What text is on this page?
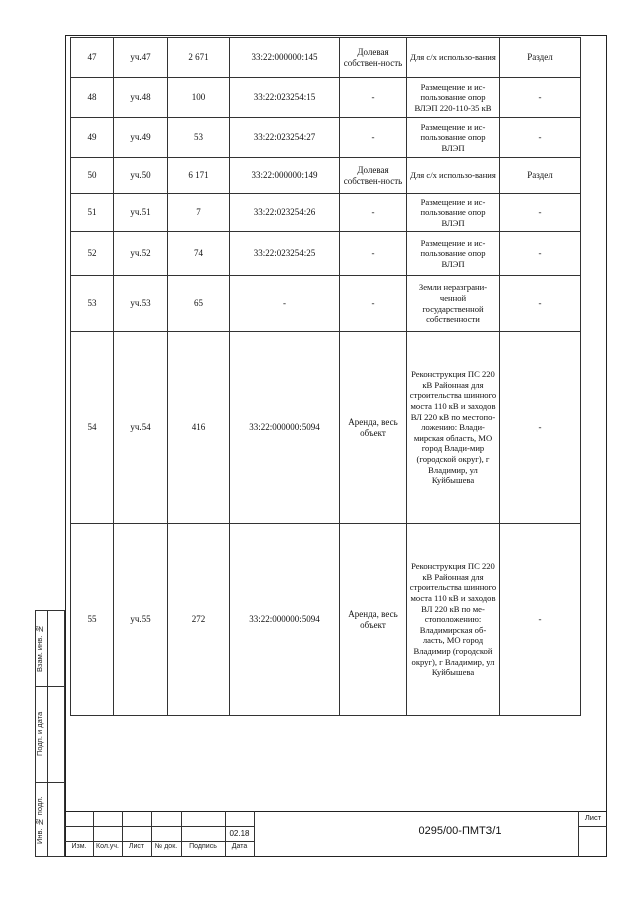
47	уч.47	2 671	33:22:000000:145	Долевая собствен-ность	Для с/х использо-вания	Раздел
48	уч.48	100	33:22:023254:15	-	Размещение и ис-пользование опор ВЛЭП 220-110-35 кВ	-
49	уч.49	53	33:22:023254:27	-	Размещение и ис-пользование опор ВЛЭП	-
50	уч.50	6 171	33:22:000000:149	Долевая собствен-ность	Для с/х использо-вания	Раздел
51	уч.51	7	33:22:023254:26	-	Размещение и ис-пользование опор ВЛЭП	-
52	уч.52	74	33:22:023254:25	-	Размещение и ис-пользование опор ВЛЭП	-
53	уч.53	65	-	-	Земли неразграни-ченной государственной собственности	-
54	уч.54	416	33:22:000000:5094	Аренда, весь объект	Реконструкция ПС 220 кВ Районная для строительства шинного моста 110 кВ и заходов ВЛ 220 кВ по местопо-ложению: Влади-мирская область, МО город Влади-мир (городской округ), г Владимир, ул Куйбышева	-
55	уч.55	272	33:22:000000:5094	Аренда, весь объект	Реконструкция ПС 220 кВ Районная для строительства шинного моста 110 кВ и заходов ВЛ 220 кВ по ме-стоположению: Владимирская об-ласть, МО город Владимир (городской округ), г Владимир, ул Куйбышева	-
Взам. инв. №
Подп. и дата
Инв. № подл.
Изм.	Кол.уч.	Лист	№ док.	Подпись	Дата
02.18	0295/00-ПМТЗ/1
Лист
